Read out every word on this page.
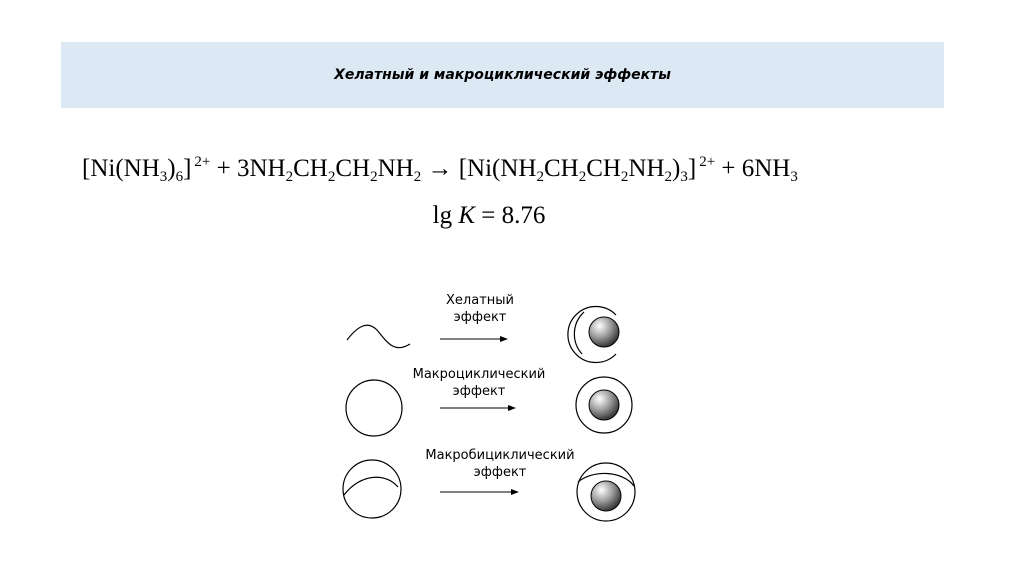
Хелатный и макроциклический эффекты
$[Ni(NH_3)_6] ^{2+} + 3NH_2CH_2CH_2NH_2 \to [Ni(NH_2CH_2CH_2NH_2)_3] ^{2+} + 6NH_3$
lg K = 8.76
Хелатный
эффект
Макроциклический
эффект
Макробициклический
эффект
